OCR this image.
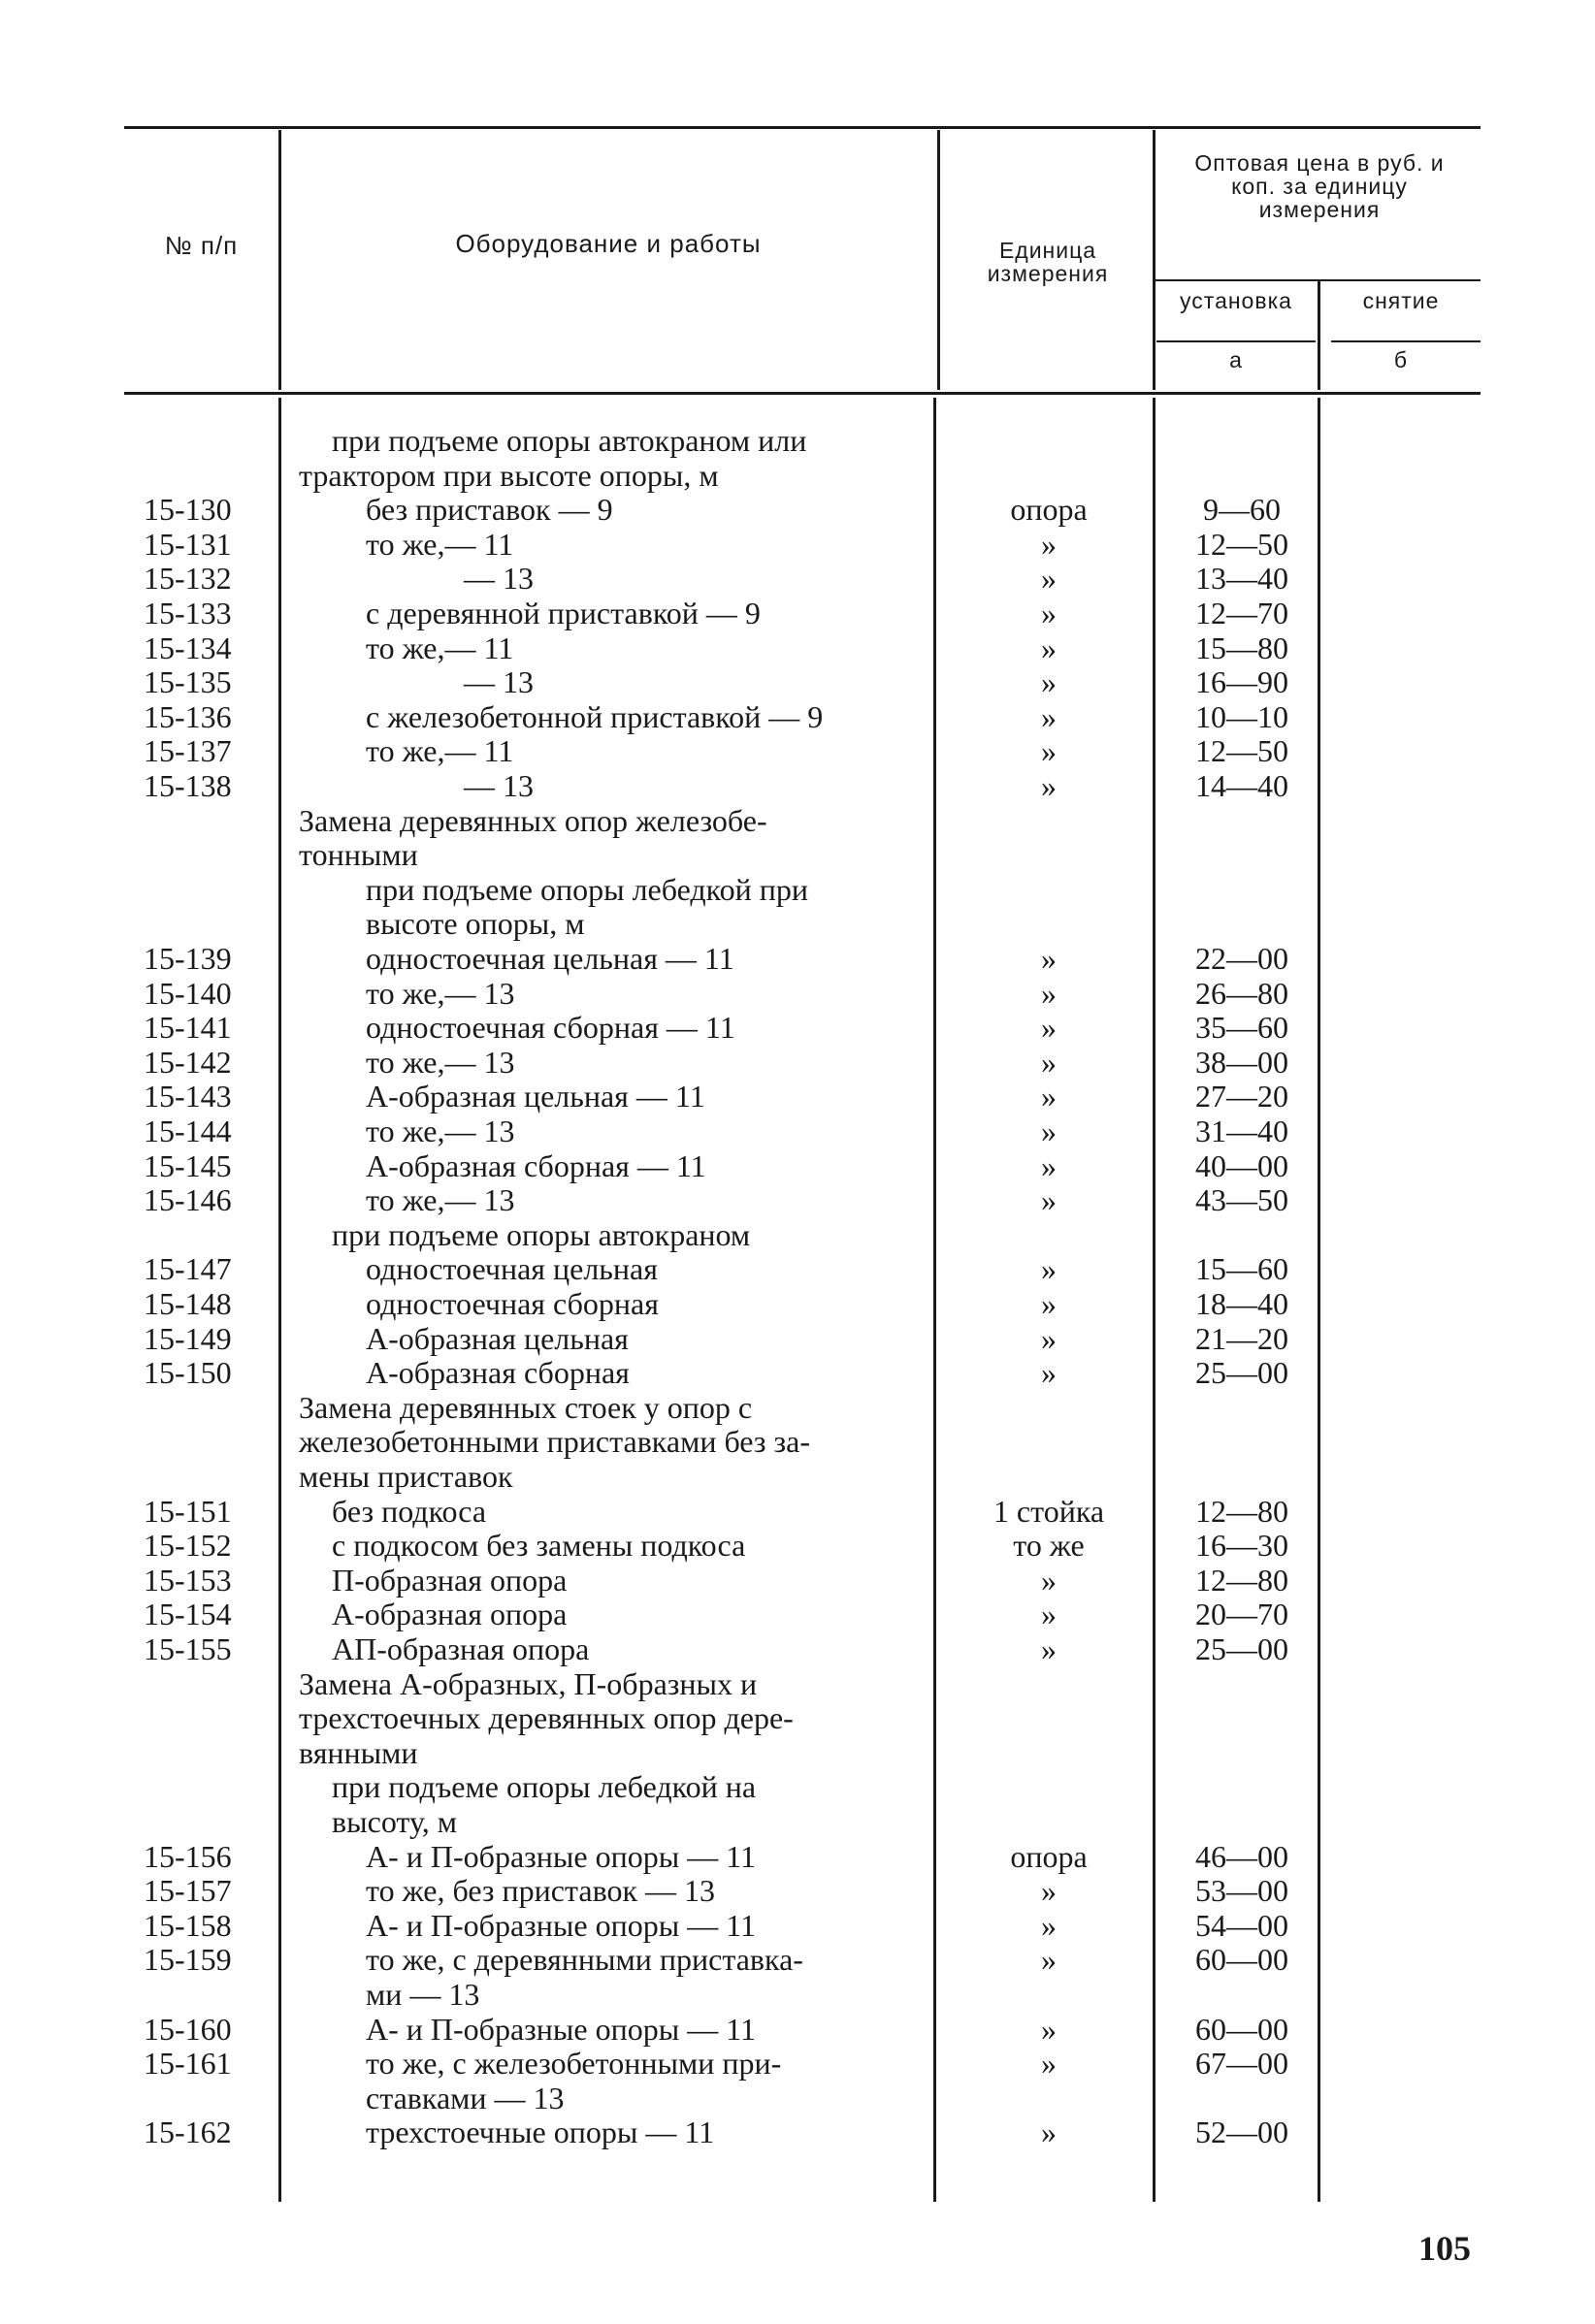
№ п/п	Оборудование и работы	Единица измерения
Оптовая цена в руб. и коп. за единицу измерения
установка	снятие
а	б
при подъеме опоры автокраном или
трактором при высоте опоры, м
15-130	без приставок — 9	опора	9—60
15-131	то же,— 11	»	12—50
15-132	— 13	»	13—40
15-133	с деревянной приставкой — 9	»	12—70
15-134	то же,— 11	»	15—80
15-135	— 13	»	16—90
15-136	с железобетонной приставкой — 9	»	10—10
15-137	то же,— 11	»	12—50
15-138	— 13	»	14—40
Замена деревянных опор железобе-
тонными
при подъеме опоры лебедкой при
высоте опоры, м
15-139	одностоечная цельная — 11	»	22—00
15-140	то же,— 13	»	26—80
15-141	одностоечная сборная — 11	»	35—60
15-142	то же,— 13	»	38—00
15-143	А-образная цельная — 11	»	27—20
15-144	то же,— 13	»	31—40
15-145	А-образная сборная — 11	»	40—00
15-146	то же,— 13	»	43—50
при подъеме опоры автокраном
15-147	одностоечная цельная	»	15—60
15-148	одностоечная сборная	»	18—40
15-149	А-образная цельная	»	21—20
15-150	А-образная сборная	»	25—00
Замена деревянных стоек у опор с
железобетонными приставками без за-
мены приставок
15-151	без подкоса	1 стойка	12—80
15-152	с подкосом без замены подкоса	то же	16—30
15-153	П-образная опора	»	12—80
15-154	А-образная опора	»	20—70
15-155	АП-образная опора	»	25—00
Замена А-образных, П-образных и
трехстоечных деревянных опор дере-
вянными
при подъеме опоры лебедкой на
высоту, м
15-156	А- и П-образные опоры — 11	опора	46—00
15-157	то же, без приставок — 13	»	53—00
15-158	А- и П-образные опоры — 11	»	54—00
15-159	то же, с деревянными приставка-	»	60—00
ми — 13
15-160	А- и П-образные опоры — 11	»	60—00
15-161	то же, с железобетонными при-	»	67—00
ставками — 13
15-162	трехстоечные опоры — 11	»	52—00
105
